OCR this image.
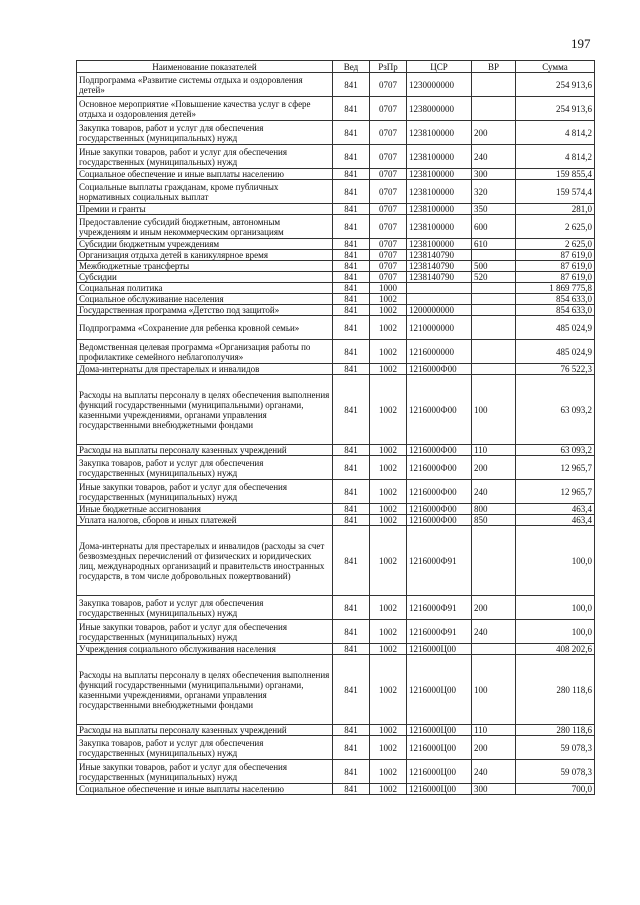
197
Наименование показателей	Вед	РзПр	ЦСР	ВР	Сумма
Подпрограмма «Развитие системы отдыха и оздоровления детей»	841	0707	1230000000		254 913,6
Основное мероприятие «Повышение качества услуг в сфере отдыха и оздоровления детей»	841	0707	1238000000		254 913,6
Закупка товаров, работ и услуг для обеспечения государственных (муниципальных) нужд	841	0707	1238100000	200	4 814,2
Иные закупки товаров, работ и услуг для обеспечения государственных (муниципальных) нужд	841	0707	1238100000	240	4 814,2
Социальное обеспечение и иные выплаты населению	841	0707	1238100000	300	159 855,4
Социальные выплаты гражданам, кроме публичных нормативных социальных выплат	841	0707	1238100000	320	159 574,4
Премии и гранты	841	0707	1238100000	350	281,0
Предоставление субсидий бюджетным, автономным учреждениям и иным некоммерческим организациям	841	0707	1238100000	600	2 625,0
Субсидии бюджетным учреждениям	841	0707	1238100000	610	2 625,0
Организация отдыха детей в каникулярное время	841	0707	1238140790		87 619,0
Межбюджетные трансферты	841	0707	1238140790	500	87 619,0
Субсидии	841	0707	1238140790	520	87 619,0
Социальная политика	841	1000			1 869 775,8
Социальное обслуживание населения	841	1002			854 633,0
Государственная программа «Детство под защитой»	841	1002	1200000000		854 633,0
Подпрограмма «Сохранение для ребенка кровной семьи»	841	1002	1210000000		485 024,9
Ведомственная целевая программа «Организация работы по профилактике семейного неблагополучия»	841	1002	1216000000		485 024,9
Дома-интернаты для престарелых и инвалидов	841	1002	1216000Ф00		76 522,3
Расходы на выплаты персоналу в целях обеспечения выполнения функций государственными (муниципальными) органами, казенными учреждениями, органами управления государственными внебюджетными фондами	841	1002	1216000Ф00	100	63 093,2
Расходы на выплаты персоналу казенных учреждений	841	1002	1216000Ф00	110	63 093,2
Закупка товаров, работ и услуг для обеспечения государственных (муниципальных) нужд	841	1002	1216000Ф00	200	12 965,7
Иные закупки товаров, работ и услуг для обеспечения государственных (муниципальных) нужд	841	1002	1216000Ф00	240	12 965,7
Иные бюджетные ассигнования	841	1002	1216000Ф00	800	463,4
Уплата налогов, сборов и иных платежей	841	1002	1216000Ф00	850	463,4
Дома-интернаты для престарелых и инвалидов (расходы за счет безвозмездных перечислений от физических и юридических лиц, международных организаций и правительств иностранных государств, в том числе добровольных пожертвований)	841	1002	1216000Ф91		100,0
Закупка товаров, работ и услуг для обеспечения государственных (муниципальных) нужд	841	1002	1216000Ф91	200	100,0
Иные закупки товаров, работ и услуг для обеспечения государственных (муниципальных) нужд	841	1002	1216000Ф91	240	100,0
Учреждения социального обслуживания населения	841	1002	1216000Ц00		408 202,6
Расходы на выплаты персоналу в целях обеспечения выполнения функций государственными (муниципальными) органами, казенными учреждениями, органами управления государственными внебюджетными фондами	841	1002	1216000Ц00	100	280 118,6
Расходы на выплаты персоналу казенных учреждений	841	1002	1216000Ц00	110	280 118,6
Закупка товаров, работ и услуг для обеспечения государственных (муниципальных) нужд	841	1002	1216000Ц00	200	59 078,3
Иные закупки товаров, работ и услуг для обеспечения государственных (муниципальных) нужд	841	1002	1216000Ц00	240	59 078,3
Социальное обеспечение и иные выплаты населению	841	1002	1216000Ц00	300	700,0
